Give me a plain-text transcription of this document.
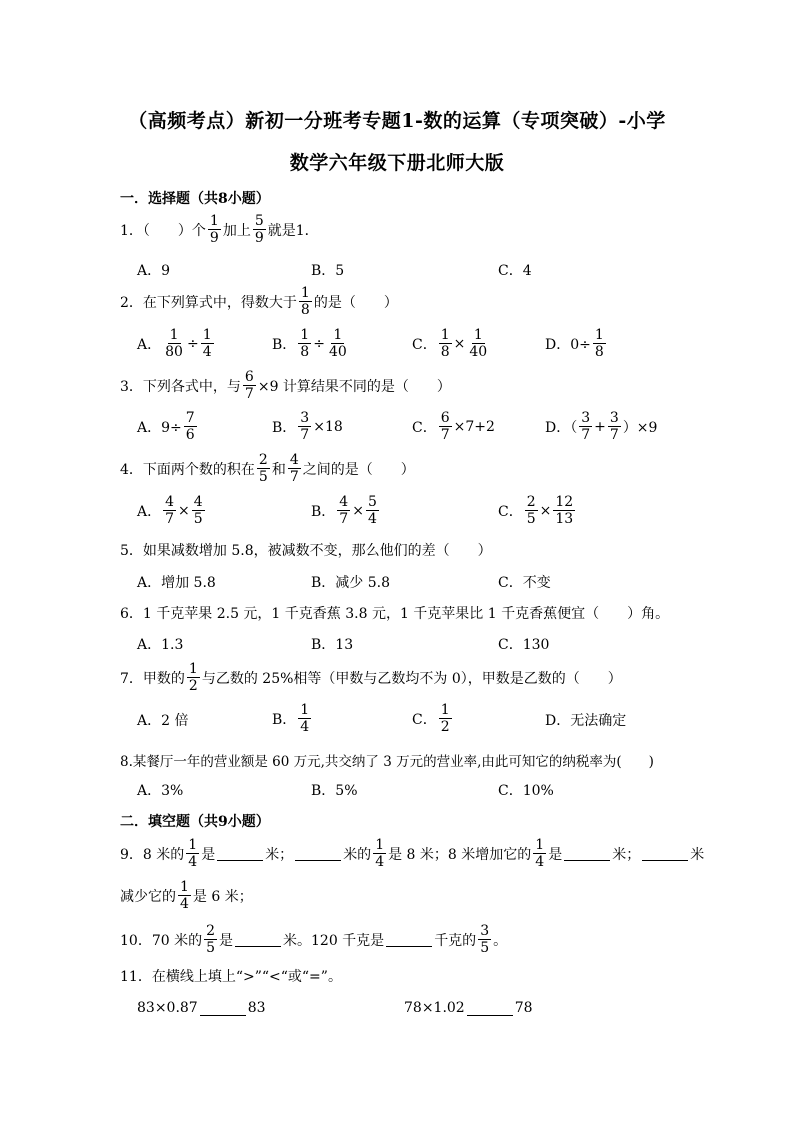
（高频考点）新初一分班考专题1-数的运算（专项突破）-小学
数学六年级下册北师大版
一．选择题（共8小题）
1．（　　）个 $\frac{1}{9}$ 加上 $\frac{5}{9}$ 就是1．
A．9	B．5	C．4
2．在下列算式中，得数大于 $\frac{1}{8}$ 的是（　　）
A． $\frac{1}{80} \div \frac{1}{4}$	B． $\frac{1}{8} \div \frac{1}{40}$	C． $\frac{1}{8} \times \frac{1}{40}$	D．$0\div \frac{1}{8}$
3．下列各式中，与 $\frac{6}{7} \times 9$ 计算结果不同的是（　　）
A．$9\div \frac{7}{6}$	B． $\frac{3}{7} \times 18$	C． $\frac{6}{7} \times 7+2$	D．（ $\frac{3}{7} + \frac{3}{7} )\times 9$
4．下面两个数的积在 $\frac{2}{5}$ 和 $\frac{4}{7}$ 之间的是（　　）
A． $\frac{4}{7} \times \frac{4}{5}$	B． $\frac{4}{7} \times \frac{5}{4}$	C． $\frac{2}{5} \times \frac{12}{13}$
5．如果减数增加 5.8，被减数不变，那么他们的差（　　）
A．增加 5.8	B．减少 5.8	C．不变
6．1 千克苹果 2.5 元，1 千克香蕉 3.8 元，1 千克苹果比 1 千克香蕉便宜（　　）角。
A．1.3	B．13	C．130
7．甲数的 $\frac{1}{2}$ 与乙数的 25%相等（甲数与乙数均不为 0），甲数是乙数的（　　）
A．2 倍	B． $\frac{1}{4}$	C． $\frac{1}{2}$	D．无法确定
8.某餐厅一年的营业额是 60 万元,共交纳了 3 万元的营业率,由此可知它的纳税率为(　　)
A．3%	B．5%	C．10%
二．填空题（共9小题）
9．8 米的 $\frac{1}{4}$ 是	米；	米的 $\frac{1}{4}$ 是 8 米；8 米增加它的 $\frac{1}{4}$ 是	米；	米
减少它的 $\frac{1}{4}$ 是 6 米；
10．70 米的 $\frac{2}{5}$ 是	米。120 千克是	千克的 $\frac{3}{5}$ 。
11．在横线上填上“>”“<“或“=”。
83×0.87	83	78×1.02	78
